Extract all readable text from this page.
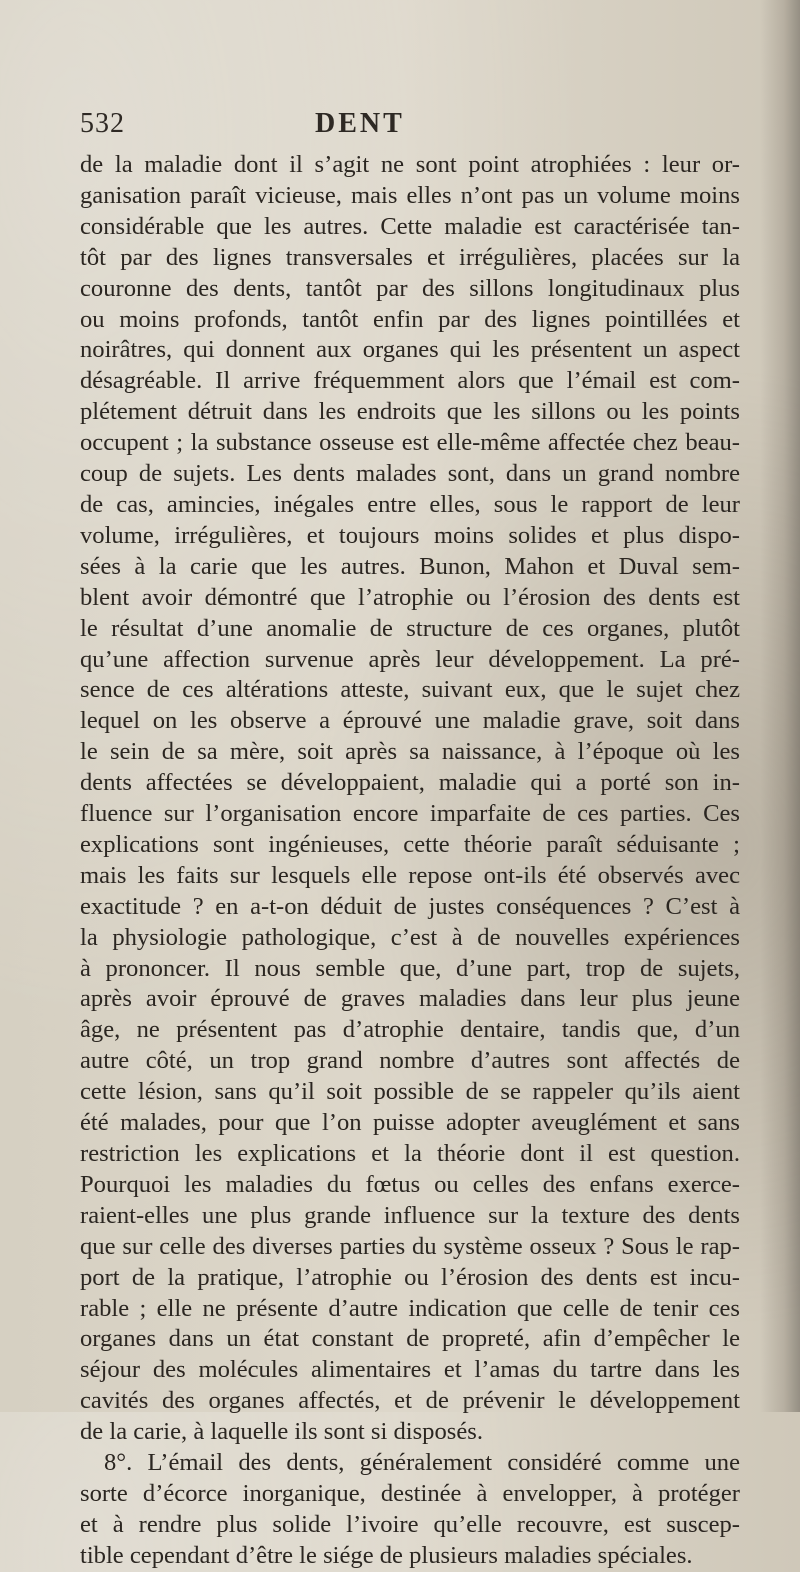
532	DENT
de la maladie dont il s’agit ne sont point atrophiées : leur or-
ganisation paraît vicieuse, mais elles n’ont pas un volume moins
considérable que les autres. Cette maladie est caractérisée tan-
tôt par des lignes transversales et irrégulières, placées sur la
couronne des dents, tantôt par des sillons longitudinaux plus
ou moins profonds, tantôt enfin par des lignes pointillées et
noirâtres, qui donnent aux organes qui les présentent un aspect
désagréable. Il arrive fréquemment alors que l’émail est com-
plétement détruit dans les endroits que les sillons ou les points
occupent ; la substance osseuse est elle-même affectée chez beau-
coup de sujets. Les dents malades sont, dans un grand nombre
de cas, amincies, inégales entre elles, sous le rapport de leur
volume, irrégulières, et toujours moins solides et plus dispo-
sées à la carie que les autres. Bunon, Mahon et Duval sem-
blent avoir démontré que l’atrophie ou l’érosion des dents est
le résultat d’une anomalie de structure de ces organes, plutôt
qu’une affection survenue après leur développement. La pré-
sence de ces altérations atteste, suivant eux, que le sujet chez
lequel on les observe a éprouvé une maladie grave, soit dans
le sein de sa mère, soit après sa naissance, à l’époque où les
dents affectées se développaient, maladie qui a porté son in-
fluence sur l’organisation encore imparfaite de ces parties. Ces
explications sont ingénieuses, cette théorie paraît séduisante ;
mais les faits sur lesquels elle repose ont-ils été observés avec
exactitude ? en a-t-on déduit de justes conséquences ? C’est à
la physiologie pathologique, c’est à de nouvelles expériences
à prononcer. Il nous semble que, d’une part, trop de sujets,
après avoir éprouvé de graves maladies dans leur plus jeune
âge, ne présentent pas d’atrophie dentaire, tandis que, d’un
autre côté, un trop grand nombre d’autres sont affectés de
cette lésion, sans qu’il soit possible de se rappeler qu’ils aient
été malades, pour que l’on puisse adopter aveuglément et sans
restriction les explications et la théorie dont il est question.
Pourquoi les maladies du fœtus ou celles des enfans exerce-
raient-elles une plus grande influence sur la texture des dents
que sur celle des diverses parties du système osseux ? Sous le rap-
port de la pratique, l’atrophie ou l’érosion des dents est incu-
rable ; elle ne présente d’autre indication que celle de tenir ces
organes dans un état constant de propreté, afin d’empêcher le
séjour des molécules alimentaires et l’amas du tartre dans les
cavités des organes affectés, et de prévenir le développement
de la carie, à laquelle ils sont si disposés.
8°. L’émail des dents, généralement considéré comme une
sorte d’écorce inorganique, destinée à envelopper, à protéger
et à rendre plus solide l’ivoire qu’elle recouvre, est suscep-
tible cependant d’être le siége de plusieurs maladies spéciales.
